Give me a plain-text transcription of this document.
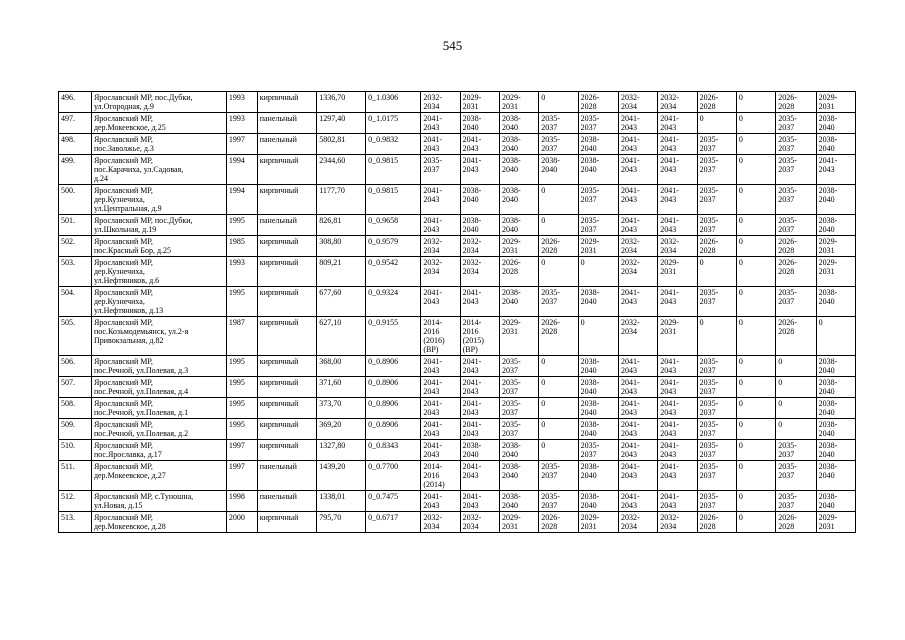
545
496.	Ярославский МР, пос.Дубки,
ул.Огородная, д.9	1993	кирпичный	1336,70	0_1.0306	2032-
2034	2029-
2031	2029-
2031	0	2026-
2028	2032-
2034	2032-
2034	2026-
2028	0	2026-
2028	2029-
2031
497.	Ярославский МР,
дер.Мокеевское, д.25	1993	панельный	1297,40	0_1.0175	2041-
2043	2038-
2040	2038-
2040	2035-
2037	2035-
2037	2041-
2043	2041-
2043	0	0	2035-
2037	2038-
2040
498.	Ярославский МР,
пос.Заволжье, д.3	1997	панельный	5802,81	0_0.9832	2041-
2043	2041-
2043	2038-
2040	2035-
2037	2038-
2040	2041-
2043	2041-
2043	2035-
2037	0	2035-
2037	2038-
2040
499.	Ярославский МР,
пос.Карачиха, ул.Садовая,
д.24	1994	кирпичный	2344,60	0_0.9815	2035-
2037	2041-
2043	2038-
2040	2038-
2040	2038-
2040	2041-
2043	2041-
2043	2035-
2037	0	2035-
2037	2041-
2043
500.	Ярославский МР,
дер.Кузнечиха,
ул.Центральная, д.9	1994	кирпичный	1177,70	0_0.9815	2041-
2043	2038-
2040	2038-
2040	0	2035-
2037	2041-
2043	2041-
2043	2035-
2037	0	2035-
2037	2038-
2040
501.	Ярославский МР, пос.Дубки,
ул.Школьная, д.19	1995	панельный	826,81	0_0.9658	2041-
2043	2038-
2040	2038-
2040	0	2035-
2037	2041-
2043	2041-
2043	2035-
2037	0	2035-
2037	2038-
2040
502.	Ярославский МР,
пос.Красный Бор, д.25	1985	кирпичный	308,80	0_0.9579	2032-
2034	2032-
2034	2029-
2031	2026-
2028	2029-
2031	2032-
2034	2032-
2034	2026-
2028	0	2026-
2028	2029-
2031
503.	Ярославский МР,
дер.Кузнечиха,
ул.Нефтяников, д.6	1993	кирпичный	809,21	0_0.9542	2032-
2034	2032-
2034	2026-
2028	0	0	2032-
2034	2029-
2031	0	0	2026-
2028	2029-
2031
504.	Ярославский МР,
дер.Кузнечиха,
ул.Нефтяников, д.13	1995	кирпичный	677,60	0_0.9324	2041-
2043	2041-
2043	2038-
2040	2035-
2037	2038-
2040	2041-
2043	2041-
2043	2035-
2037	0	2035-
2037	2038-
2040
505.	Ярославский МР,
пос.Козьмодемьянск, ул.2-я
Привокзальная, д.82	1987	кирпичный	627,10	0_0.9155	2014-
2016
(2016)
(ВР)	2014-
2016
(2015)
(ВР)	2029-
2031	2026-
2028	0	2032-
2034	2029-
2031	0	0	2026-
2028	0
506.	Ярославский МР,
пос.Речной, ул.Полевая, д.3	1995	кирпичный	368,00	0_0.8906	2041-
2043	2041-
2043	2035-
2037	0	2038-
2040	2041-
2043	2041-
2043	2035-
2037	0	0	2038-
2040
507.	Ярославский МР,
пос.Речной, ул.Полевая, д.4	1995	кирпичный	371,60	0_0.8906	2041-
2043	2041-
2043	2035-
2037	0	2038-
2040	2041-
2043	2041-
2043	2035-
2037	0	0	2038-
2040
508.	Ярославский МР,
пос.Речной, ул.Полевая, д.1	1995	кирпичный	373,70	0_0.8906	2041-
2043	2041-
2043	2035-
2037	0	2038-
2040	2041-
2043	2041-
2043	2035-
2037	0	0	2038-
2040
509.	Ярославский МР,
пос.Речной, ул.Полевая, д.2	1995	кирпичный	369,20	0_0.8906	2041-
2043	2041-
2043	2035-
2037	0	2038-
2040	2041-
2043	2041-
2043	2035-
2037	0	0	2038-
2040
510.	Ярославский МР,
пос.Ярославка, д.17	1997	кирпичный	1327,80	0_0.8343	2041-
2043	2038-
2040	2038-
2040	0	2035-
2037	2041-
2043	2041-
2043	2035-
2037	0	2035-
2037	2038-
2040
511.	Ярославский МР,
дер.Мокеевское, д.27	1997	панельный	1439,20	0_0.7700	2014-
2016
(2014)	2041-
2043	2038-
2040	2035-
2037	2038-
2040	2041-
2043	2041-
2043	2035-
2037	0	2035-
2037	2038-
2040
512.	Ярославский МР, с.Туношна,
ул.Новая, д.15	1998	панельный	1338,01	0_0.7475	2041-
2043	2041-
2043	2038-
2040	2035-
2037	2038-
2040	2041-
2043	2041-
2043	2035-
2037	0	2035-
2037	2038-
2040
513.	Ярославский МР,
дер.Мокеевское, д.28	2000	кирпичный	795,70	0_0.6717	2032-
2034	2032-
2034	2029-
2031	2026-
2028	2029-
2031	2032-
2034	2032-
2034	2026-
2028	0	2026-
2028	2029-
2031
